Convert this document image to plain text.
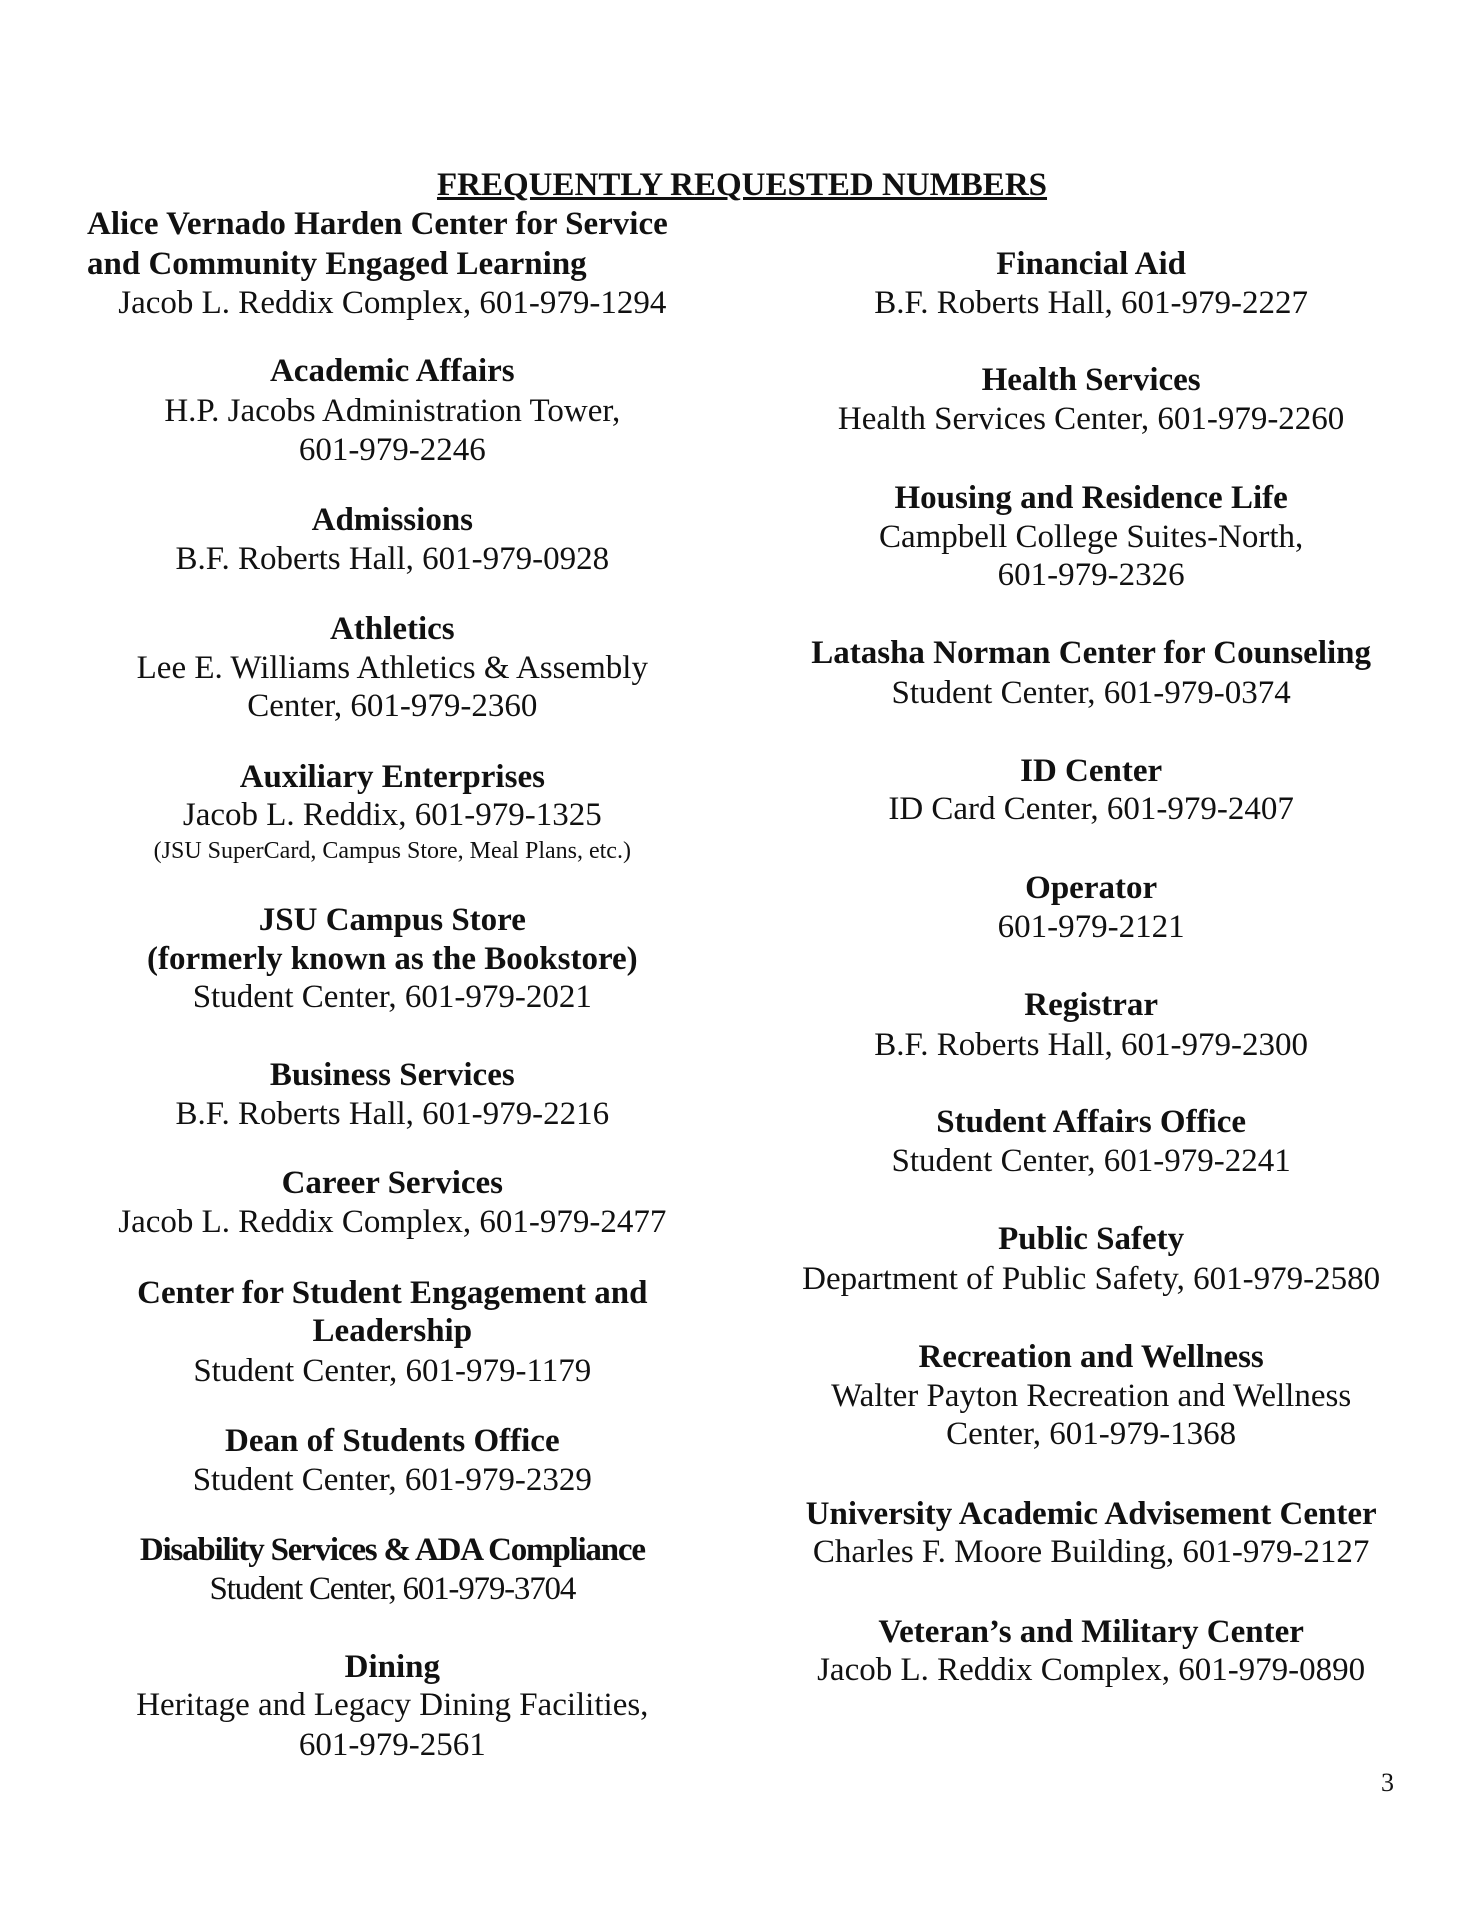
FREQUENTLY REQUESTED NUMBERS
Alice Vernado Harden Center for Service
and Community Engaged Learning
Jacob L. Reddix Complex, 601-979-1294
Academic Affairs
H.P. Jacobs Administration Tower,
601-979-2246
Admissions
B.F. Roberts Hall, 601-979-0928
Athletics
Lee E. Williams Athletics & Assembly
Center, 601-979-2360
Auxiliary Enterprises
Jacob L. Reddix, 601-979-1325
(JSU SuperCard, Campus Store, Meal Plans, etc.)
JSU Campus Store
(formerly known as the Bookstore)
Student Center, 601-979-2021
Business Services
B.F. Roberts Hall, 601-979-2216
Career Services
Jacob L. Reddix Complex, 601-979-2477
Center for Student Engagement and
Leadership
Student Center, 601-979-1179
Dean of Students Office
Student Center, 601-979-2329
Disability Services & ADA Compliance
Student Center, 601-979-3704
Dining
Heritage and Legacy Dining Facilities,
601-979-2561
Financial Aid
B.F. Roberts Hall, 601-979-2227
Health Services
Health Services Center, 601-979-2260
Housing and Residence Life
Campbell College Suites-North,
601-979-2326
Latasha Norman Center for Counseling
Student Center, 601-979-0374
ID Center
ID Card Center, 601-979-2407
Operator
601-979-2121
Registrar
B.F. Roberts Hall, 601-979-2300
Student Affairs Office
Student Center, 601-979-2241
Public Safety
Department of Public Safety, 601-979-2580
Recreation and Wellness
Walter Payton Recreation and Wellness
Center, 601-979-1368
University Academic Advisement Center
Charles F. Moore Building, 601-979-2127
Veteran’s and Military Center
Jacob L. Reddix Complex, 601-979-0890
3
